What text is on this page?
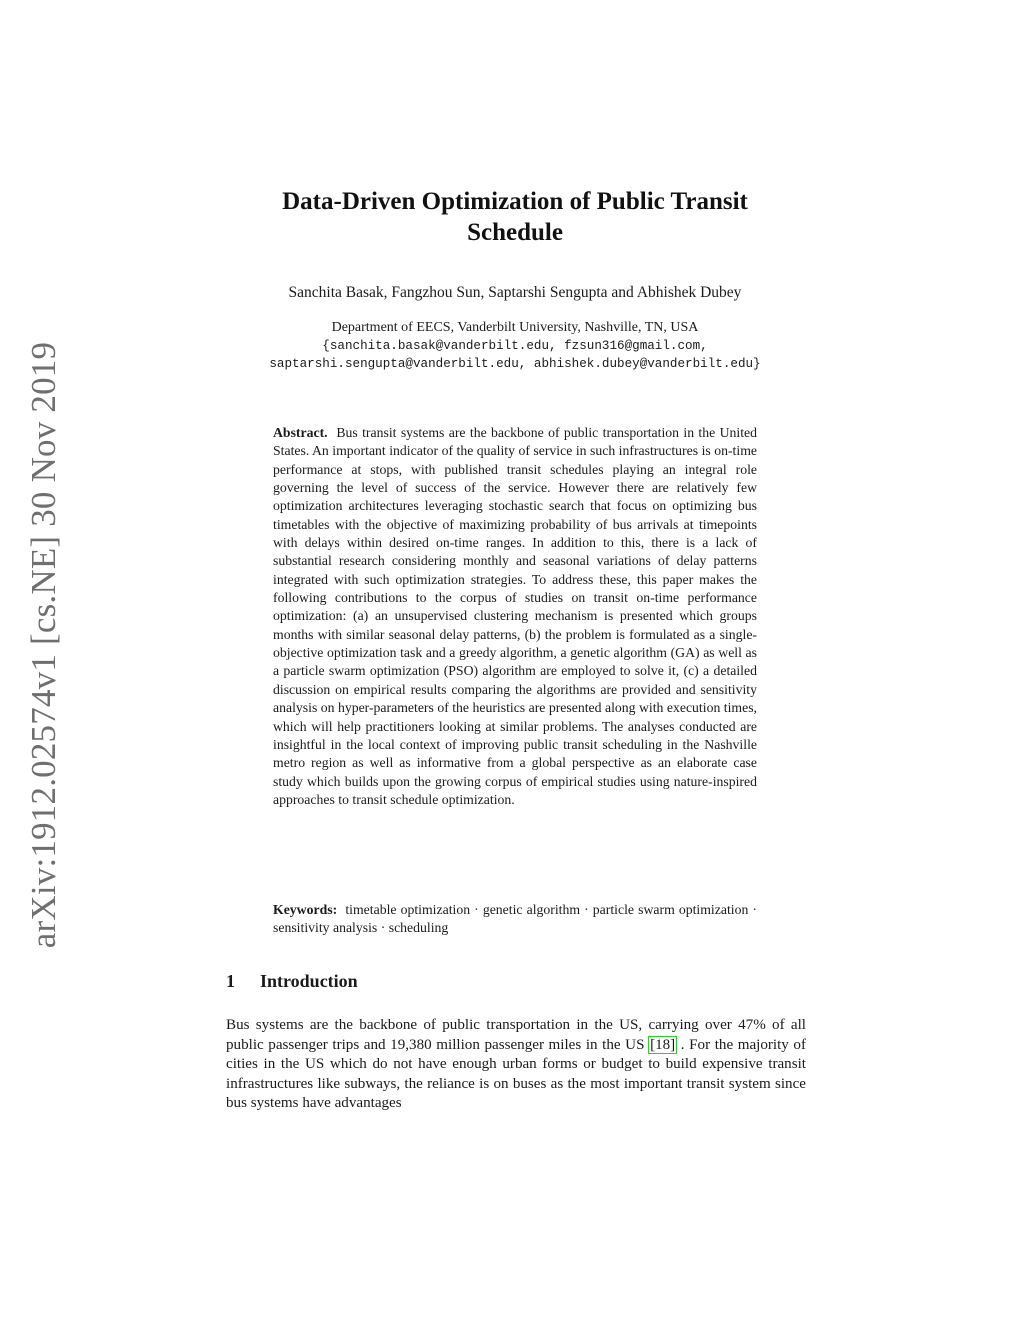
arXiv:1912.02574v1 [cs.NE] 30 Nov 2019
Data-Driven Optimization of Public Transit
Schedule
Sanchita Basak, Fangzhou Sun, Saptarshi Sengupta and Abhishek Dubey
Department of EECS, Vanderbilt University, Nashville, TN, USA
{sanchita.basak@vanderbilt.edu, fzsun316@gmail.com,
saptarshi.sengupta@vanderbilt.edu, abhishek.dubey@vanderbilt.edu}
Abstract. Bus transit systems are the backbone of public transportation in the United States. An important indicator of the quality of service in such infrastructures is on-time performance at stops, with published transit schedules playing an integral role governing the level of success of the service. However there are relatively few optimization architectures leveraging stochastic search that focus on optimizing bus timetables with the objective of maximizing probability of bus arrivals at timepoints with delays within desired on-time ranges. In addition to this, there is a lack of substantial research considering monthly and seasonal variations of delay patterns integrated with such optimization strategies. To address these, this paper makes the following contributions to the corpus of studies on transit on-time performance optimization: (a) an unsupervised clustering mechanism is presented which groups months with similar seasonal delay patterns, (b) the problem is formulated as a single-objective optimization task and a greedy algorithm, a genetic algorithm (GA) as well as a particle swarm optimization (PSO) algorithm are employed to solve it, (c) a detailed discussion on empirical results comparing the algorithms are provided and sensitivity analysis on hyper-parameters of the heuristics are presented along with execution times, which will help practitioners looking at similar problems. The analyses conducted are insightful in the local context of improving public transit scheduling in the Nashville metro region as well as informative from a global perspective as an elaborate case study which builds upon the growing corpus of empirical studies using nature-inspired approaches to transit schedule optimization.
Keywords: timetable optimization · genetic algorithm · particle swarm optimization · sensitivity analysis · scheduling
1 Introduction
Bus systems are the backbone of public transportation in the US, carrying over 47% of all public passenger trips and 19,380 million passenger miles in the US [18] . For the majority of cities in the US which do not have enough urban forms or budget to build expensive transit infrastructures like subways, the reliance is on buses as the most important transit system since bus systems have advantages
